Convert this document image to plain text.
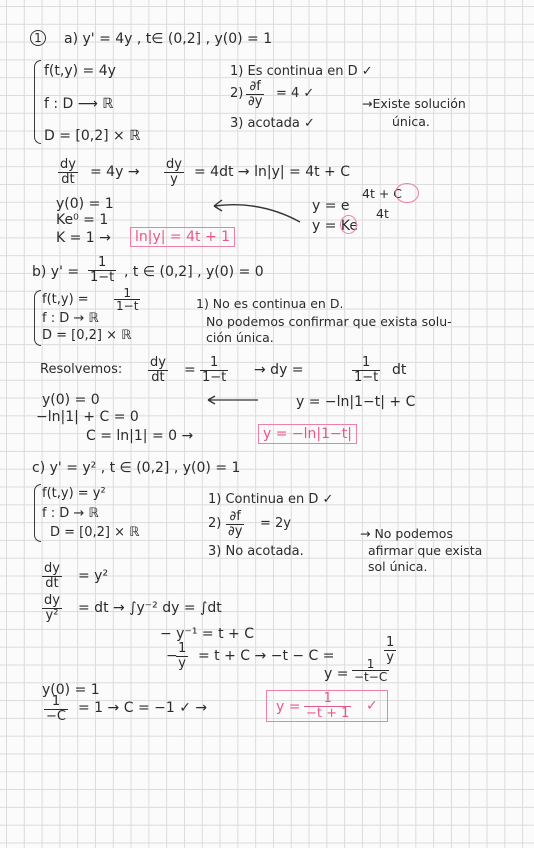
1 a) y' = 4y , t∈ (0,2] , y(0) = 1
f(t,y) = 4y
f : D ⟶ ℝ
D = [0,2] × ℝ
1) Es continua en D ✓
$2) \frac{\partial f}{\partial y} = 4$ ✓
3) acotada ✓
→Existe solución
única.
$\frac{dy}{dt} = 4y \to \frac{dy}{y} = 4dt \to \ln|y| = 4t + C$
y(0) = 1
Ke⁰ = 1
K = 1 →	ln|y| = 4t + 1
y = e
4t + C
y = Ke
4t
b) $y' = \frac{1}{1-t}$ , t ∈ (0,2] , y(0) = 0
$f(t,y) = \frac{1}{1-t}$
f : D → ℝ
D = [0,2] × ℝ
1) No es continua en D.
No podemos confirmar que exista solu-
ción única.
Resolvemos: $\frac{dy}{dt} = \frac{1}{1-t}$ → dy =	$\frac{1}{1-t}$ dt
y(0) = 0
−ln|1| + C = 0
C = ln|1| = 0 →
y = −ln|1−t| + C
y = −ln|1−t|
c) y' = y² , t ∈ (0,2] , y(0) = 1
f(t,y) = y²
f : D → ℝ
D = [0,2] × ℝ
1) Continua en D ✓
$2) \frac{\partial f}{\partial y} = 2y$
3) No acotada.
→ No podemos
afirmar que exista
sol única.
$\frac{dy}{dt} = y^2$
$\frac{dy}{\text{y²}}$ = dt → ∫y⁻² dy = ∫dt
− y⁻¹ = t + C
−
$\frac{1}{y} = t + C \to -t - C$ =	$\frac{1}{y}$
$y = \frac{1}{-t-C}$
y(0) = 1
$\frac{1}{-C} = 1 \to C = -1$ ✓ →	$y = \frac{1}{-t + 1}$ ✓
